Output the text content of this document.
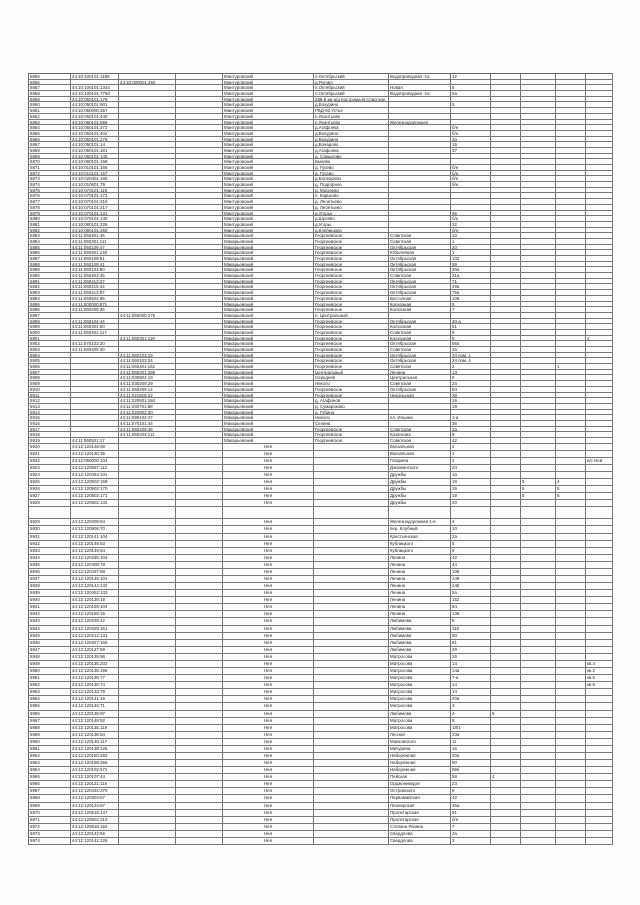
5855	44:10:100101:1188	Мантуровский	п.Октябрьский	Водопроводная -1а	12
5856	44:10:000001:250	Мантуровский	д.Рогово
5857	44:10:100101:1344	Мантуровский	п.Октябрьский	Новая	5
5858	44:10:100101:7793	Мантуровский	п.Октябрьский	Водопроводная -1а	6а
5859	44:10:050101:179	Мантуровский	288-й км а/д Кострома-В.Спасское
5860	44:10:050101:901	Мантуровский	д.Вохурино	5
5861	44:10:050000:257	Мантуровский	РБД-93 Устье
5862	44:10:050101:440	Мантуровский	п.Леонтьево
5863	44:10:050101:558	Мантуровский	п.Леонтьево	Железнодорожная
5864	44:10:050101:272	Мантуровский	д.Агафонка	б/н
5865	44:10:050101:402	Мантуровский	д.Вохурино	б/н
5866	44:10:050101:279	Мантуровский	д.Вохурино	3а
5867	44:10:050101:14	Мантуровский	д.Бочарово	15
5868	44:10:050101:181	Мантуровский	д.Агафонка	37
5869	44:10:060101:145	Мантуровский	д. Самылово
5870	44:10:060101:159	Мантуровский	Быково
5871	44:10:010101:165	Мантуровский	д. Гусево	б/н
5872	44:10:010101:167	Мантуровский	д. Гусево	б/н
5873	44:10:020401:168	Мантуровский	д.Болеарово	б/н
5874	44:10:010601:79	Мантуровский	д. Подгорное	б/н
5875	44:10:070101:119	Мантуровский	д. Мосюево
5876	44:10:070101:172	Мантуровский	п. Карьково
5877	44:10:070101:216	Мантуровский	д. Леонтьево
5878	44:10:070101:217	Мантуровский	д. Леонтьево
5879	44:10:070101:131	Мантуровский	д.Угорье	95
5880	44:10:070101:130	Мантуровский	д.Шулёво	б/н
5881	44:10:080101:226	Мантуровский	д.Угоры	32
5882	44:10:080101:250	Мантуровский	д.Клебишово	б/н
5883	44:11:060401:46	Макарьевский	Георгиевское	Советская	10
5884	44:11:060301:111	Макарьевский	Георгиевское	Советская	1
5885	44:11:060109:47	Макарьевский	Георгиевское	Октябрьская	20
5886	44:11:060401:140	Макарьевский	Георгиевское	Юбилейная	1
5887	44:11:060108:81	Макарьевский	Георгиевское	Октябрьская	102
5888	44:11:060109:41	Макарьевский	Георгиевское	Октябрьская	59
5889	44:11:060103:60	Макарьевский	Георгиевское	Октябрьская	30а
5890	44:11:060403:45	Макарьевский	Георгиевское	Советская	31а
5891	44:11:060413:27	Макарьевский	Георгиевское	Октябрьская	71
5892	44:11:060415:44	Макарьевский	Георгиевское	Октябрьская	49а
5893	44:11:060413:87	Макарьевский	Георгиевское	Октябрьская	75а
5894	44:11:060504:85	Макарьевский	Георгиевское	Восточная	106
5895	44:11:000000:871	Макарьевский	Георгиевское	Колхозная	5
5896	44:11:060209:35	Макарьевский	Георгиевское	Колхозная	7
5897	44:11:060000:275	Макарьевский	п. Центральный
5898	44:11:060104:44	Макарьевский	Георгиевское	Октябрьская	40-а
5899	44:11:060304:60	Макарьевский	Георгиевское	Колхозная	61
5900	44:11:060401:117	Макарьевский	Георгиевское	Советская	8
5901	44:11:060301:119	Макарьевский	Георгиевское	Колхозная	9	4
5902	44:11:070103:20	Макарьевский	Георгиевское	Октябрьская	86а
5903	44:11:060209:30	Макарьевский	Георгиевское	Советская	3а
5904	44:11:060103:19	Макарьевский	Георгиевское	Октябрьская	34 пом. 1
5905	44:11:060103:24	Макарьевский	Георгиевское	Октябрьская	34 пом. 4
5906	44:11:060401:151	Макарьевский	Георгиевское	Советская	2	1
5907	44:11:060201:285	Макарьевский	Центральный	Ленина	13
5908	44:11:030804:19	Макарьевский	Середняя	Центральная	9
5909	44:11:030209:29	Макарьевский	Николо	Советская	2а
5910	44:11:060209:14	Макарьевский	Георгиевское	Октябрьская	84
5911	44:11:021818:22	Макарьевский	Георгиевское	Никольская	38
5912	44:11:020601:184	Макарьевский	д. Агафонов	16
5913	44:11:030701:68	Макарьевский	д. Сумароково	18
5914	44:11:020902:30	Макарьевский	д. Губино
5915	44:11:090102:47	Макарьевский	Николо	пл. Ильина	1-а
5916	44:11:070101:44	Макарьевский	Селина	36
5917	44:11:060209:45	Макарьевский	Георгиевское	Советская	3а
5918	44:11:060204:111	Макарьевский	Георгиевское	Казачкова	8
5919	44:11:060501:17	Макарьевский	Георгиевское	Советская	42
5920	44:12:120148:69	Нея	Вокзальная	4
5921	44:12:120130:36	Нея	Вокзальная	1
5922	44:12:050000:104	Нея	Гагарина	1	а/с Ней
5923	44:12:120557:112	Нея	Дзержинского	24
5924	44:12:120464:131	Нея	Дружбы	1а
5925	44:12:120502:169	Нея	Дружбы	19	5	4
5926	44:12:120502:170	Нея	Дружбы	19	5	5
5927	44:12:120502:171	Нея	Дружбы	19	5	6
5928	44:12:120502:132	Нея	Дружбы	20
5929	44:12:120209:64	Нея	Железнодорожная 1-я	4
5930	44:12:120908:70	Нея	пер. Клубный	10
5931	44:12:120141:104	Нея	Крестьянская	2а
5932	44:12:120149:53	Нея	Кублицкого	5
5933	44:12:120149:54	Нея	Кублицкого	5
5934	44:12:120335:104	Нея	Ленина	42
5935	44:12:120408:78	Нея	Ленина	44
5936	44:12:120437:88	Нея	Ленина	109
5937	44:12:120146:101	Нея	Ленина	148
5938	44:12:120144:132	Нея	Ленина	140
5939	44:12:120452:133	Нея	Ленина	5а
5940	44:12:120130:19	Нея	Ленина	152
5941	44:12:120159:104	Нея	Ленина	84
5942	44:12:120169:15	Нея	Ленина	138
5943	44:12:120239:42	Нея	Любимова	8
5944	44:12:120329:161	Нея	Любимова	118
5945	44:12:120212:131	Нея	Любимова	80
5946	44:12:120327:165	Нея	Любимова	61
5947	44:12:120127:59	Нея	Любимова	49
5948	44:12:120135:96	Нея	Матросова	26
5949	44:12:120135:202	Нея	Матросова	14	кв.4
5950	44:12:120135:196	Нея	Матросова	14а	кв.2
5951	44:12:120135:77	Нея	Матросова	7-а	кв.5
5952	44:12:120135:74	Нея	Матросова	14	кв.6
5953	44:12:120133:79	Нея	Матросова	14
5954	44:12:120141:19	Нея	Матросова	20а
5955	44:12:120146:71	Нея	Матросова	3
5956	44:12:120136:97	Нея	Любимова	4	5
5957	44:12:120148:92	Нея	Матросова	5
5958	44:12:120135:119	Нея	Матросова	18/1
5959	44:12:120136:54	Нея	Лесная	23а
5960	44:12:120148:117	Нея	Маяковского	11
5961	44:12:120138:126	Нея	Мичурина	16
5962	44:12:120150:283	Нея	Набережная	20а
5963	44:12:120158:266	Нея	Набережная	50
5964	44:12:120102:572	Нея	Набережная	86б
5965	44:12:120107:44	Нея	Пейская	58	4
5966	44:12:120121:116	Нея	Орджоникидзе	23
5967	44:12:120434:370	Нея	Островского	9
5968	44:12:120304:67	Нея	Первомайская	42
5969	44:12:120124:67	Нея	Пионерская	46а
5970	44:12:120516:147	Нея	Пролетарская	91
5971	44:12:120502:210	Нея	Пролетарская	б/н
5972	44:12:120818:152	Нея	Степана Разина	7
5973	44:12:120142:56	Нея	Свердлова	2а
5974	44:12:120142:126	Нея	Свердлова	3
